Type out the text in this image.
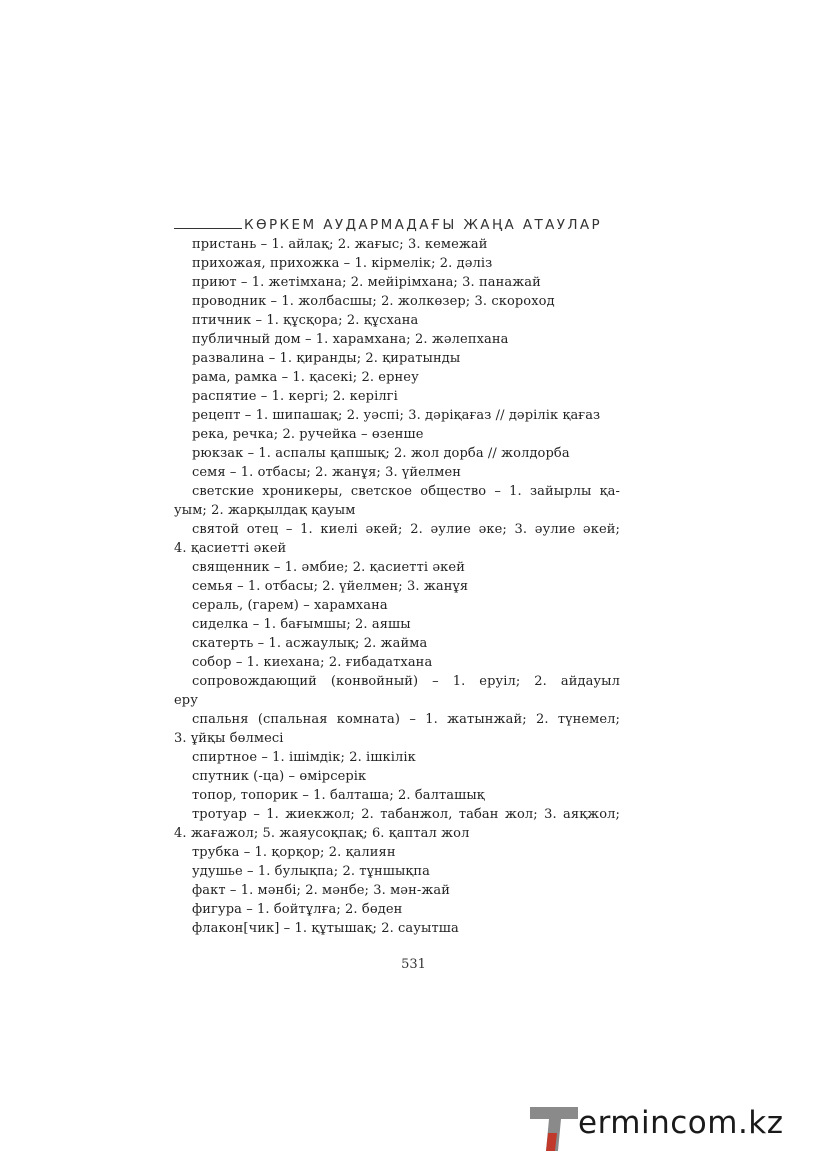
КӨРКЕМ АУДАРМАДАҒЫ ЖАҢА АТАУЛАР
пристань – 1. айлақ; 2. жағыс; 3. кемежай
прихожая, прихожка – 1. кірмелік; 2. дәліз
приют – 1. жетімхана; 2. мейірімхана; 3. панажай
проводник – 1. жолбасшы; 2. жолкөзер; 3. скороход
птичник – 1. құсқора; 2. құсхана
публичный дом – 1. харамхана; 2. жәлепхана
развалина – 1. қиранды; 2. қиратынды
рама, рамка – 1. қасекі; 2. ернеу
распятие – 1. кергі; 2. керілгі
рецепт – 1. шипашақ; 2. уәспі; 3. дәріқағаз // дәрілік қағаз
река, речка; 2. ручейка – өзенше
рюкзак – 1. аспалы қапшық; 2. жол дорба // жолдорба
семя – 1. отбасы; 2. жанұя; 3. үйелмен
светские хроникеры, светское общество – 1. зайырлы қа-
уым; 2. жарқылдақ қауым
святой отец – 1. киелі әкей; 2. әулие әке; 3. әулие әкей;
4. қасиетті әкей
священник – 1. әмбие; 2. қасиетті әкей
семья – 1. отбасы; 2. үйелмен; 3. жанұя
сераль, (гарем) – харамхана
сиделка – 1. бағымшы; 2. аяшы
скатерть – 1. асжаулық; 2. жайма
собор – 1. киехана; 2. ғибадатхана
сопровождающий (конвойный) – 1. еруіл; 2. айдауыл
еру
спальня (спальная комната) – 1. жатынжай; 2. түнемел;
3. ұйқы бөлмесі
спиртное – 1. ішімдік; 2. ішкілік
спутник (-ца) – өмірсерік
топор, топорик – 1. балташа; 2. балташық
тротуар – 1. жиекжол; 2. табанжол, табан жол; 3. аяқжол;
4. жағажол; 5. жаяусоқпақ; 6. қаптал жол
трубка – 1. қорқор; 2. қалиян
удушье – 1. булықпа; 2. тұншықпа
факт – 1. мәнбі; 2. мәнбе; 3. мән-жай
фигура – 1. бойтұлға; 2. бөден
флакон[чик] – 1. құтышақ; 2. сауытша
531
ermincom.kz
